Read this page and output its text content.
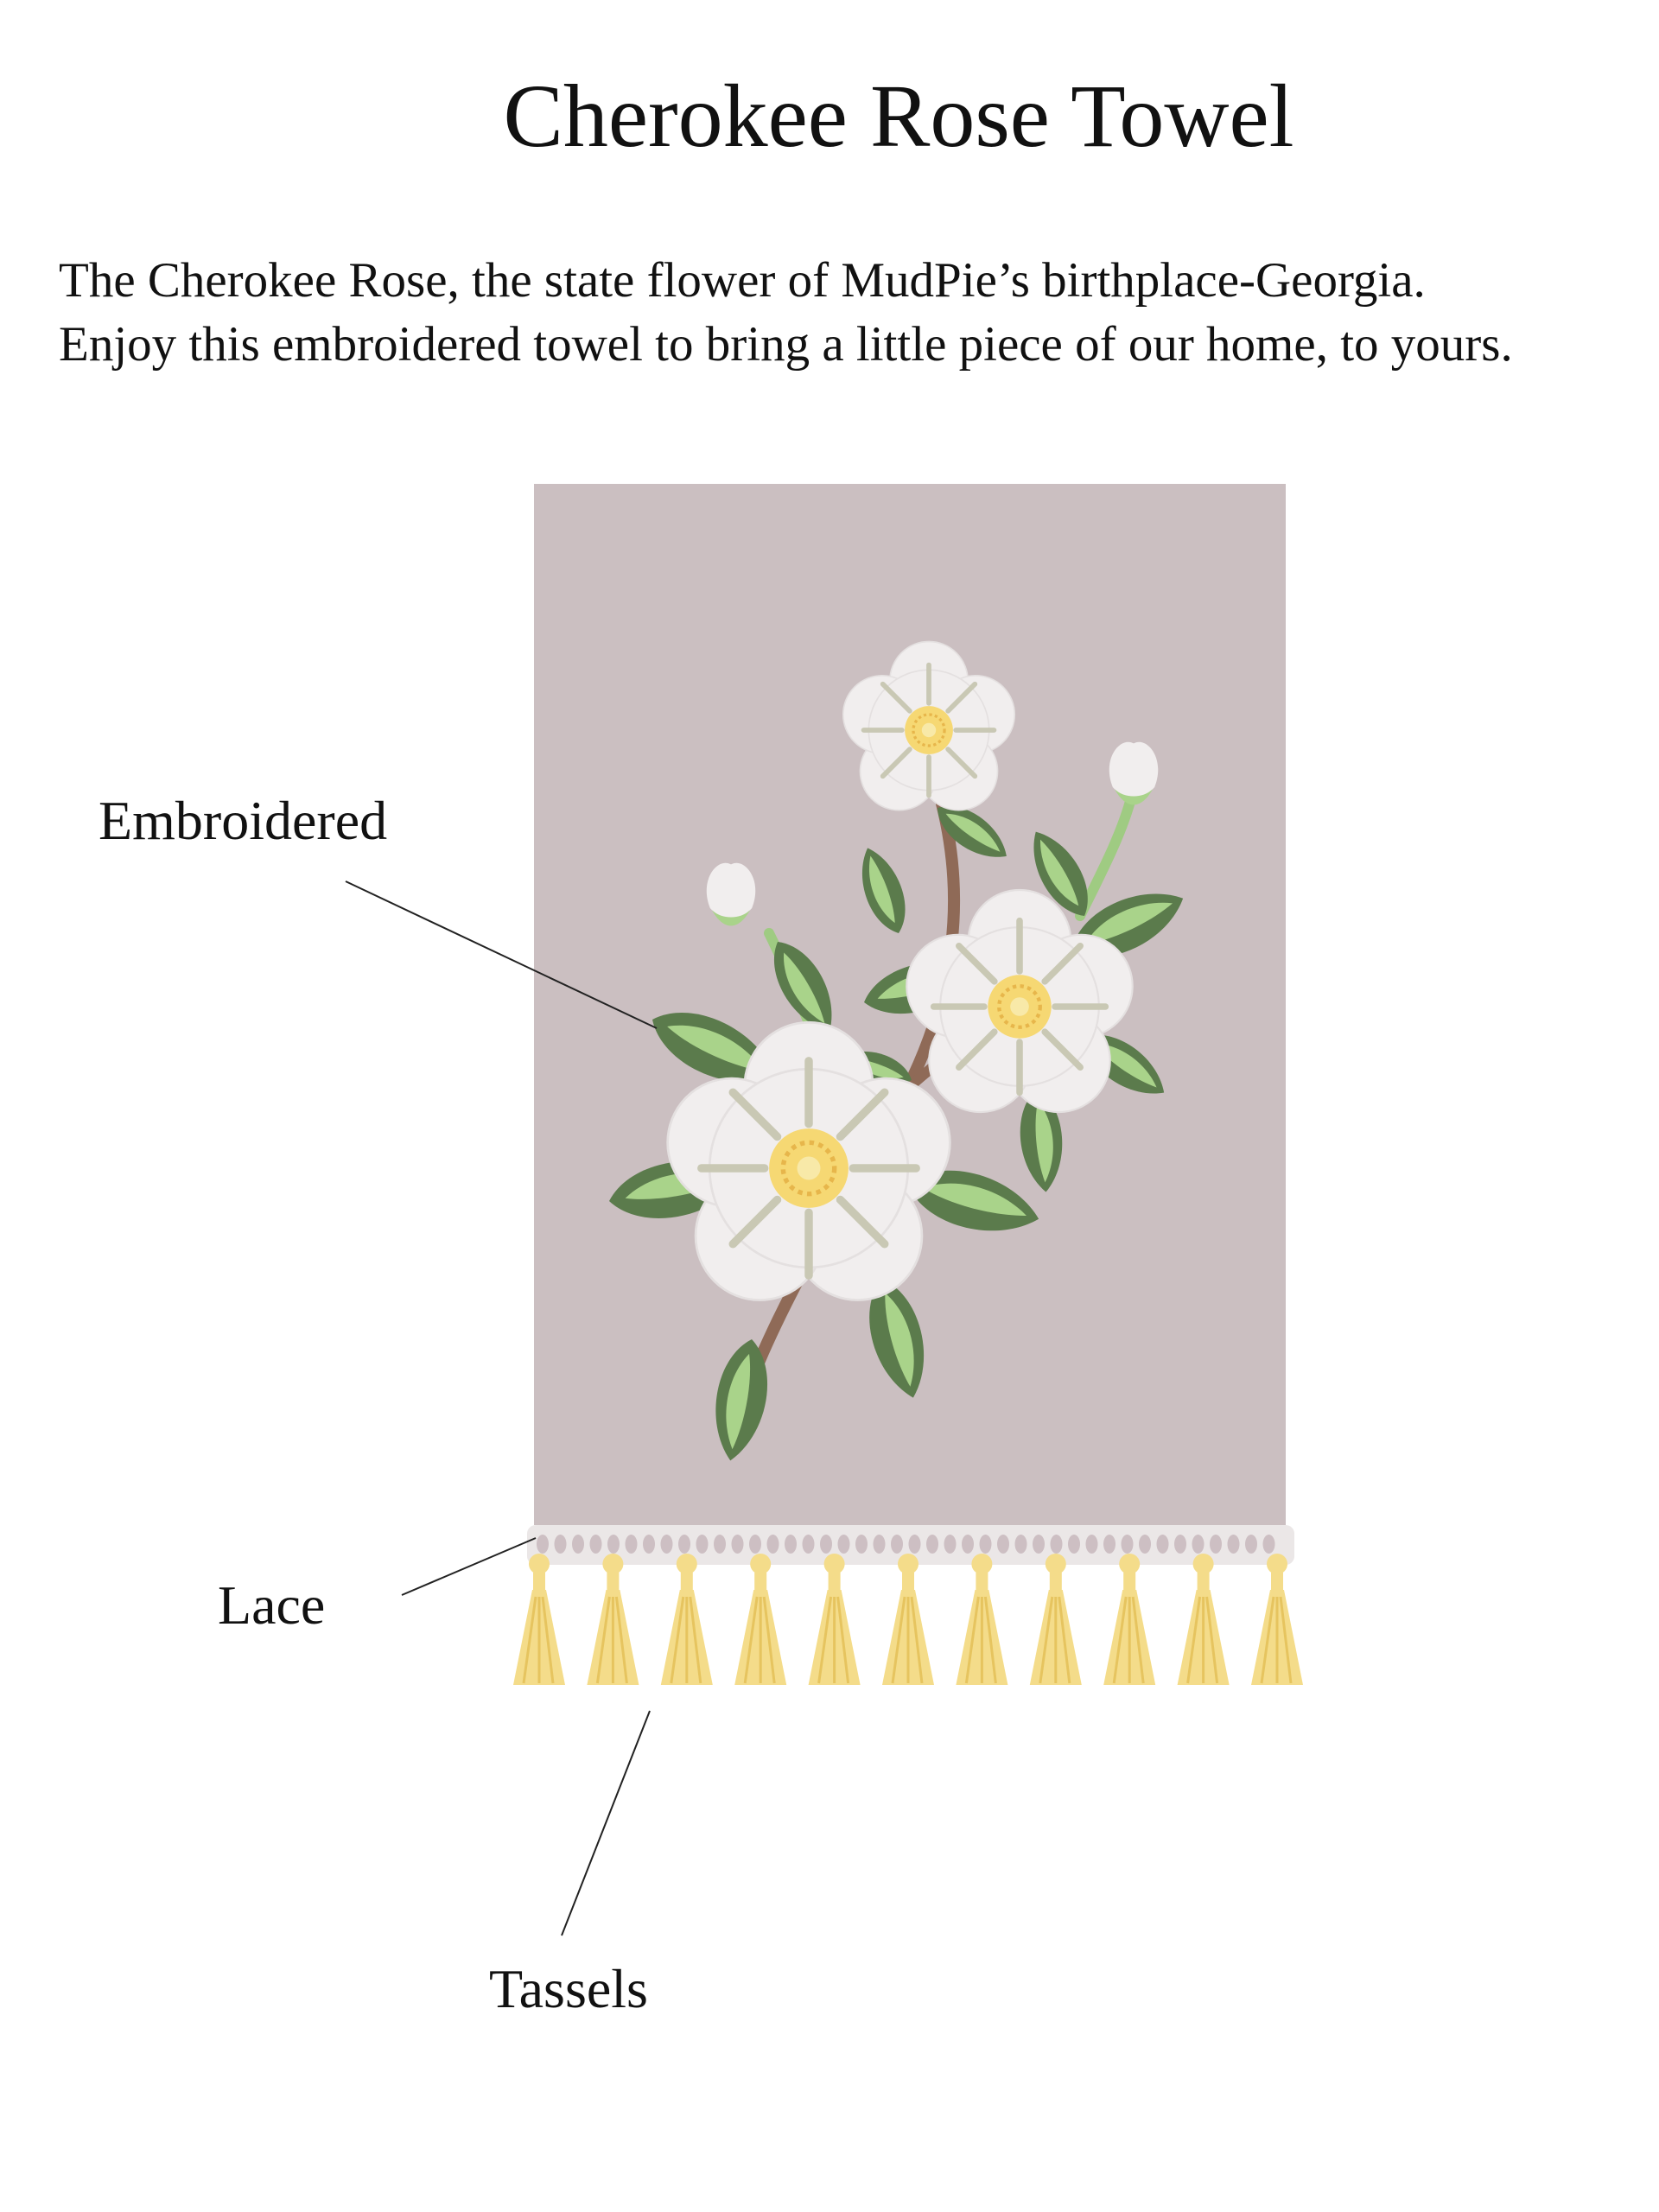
Cherokee Rose Towel
The Cherokee Rose, the state flower of MudPie’s birthplace-Georgia.
Enjoy this embroidered towel to bring a little piece of our home, to yours.
Embroidered
Lace
Tassels
